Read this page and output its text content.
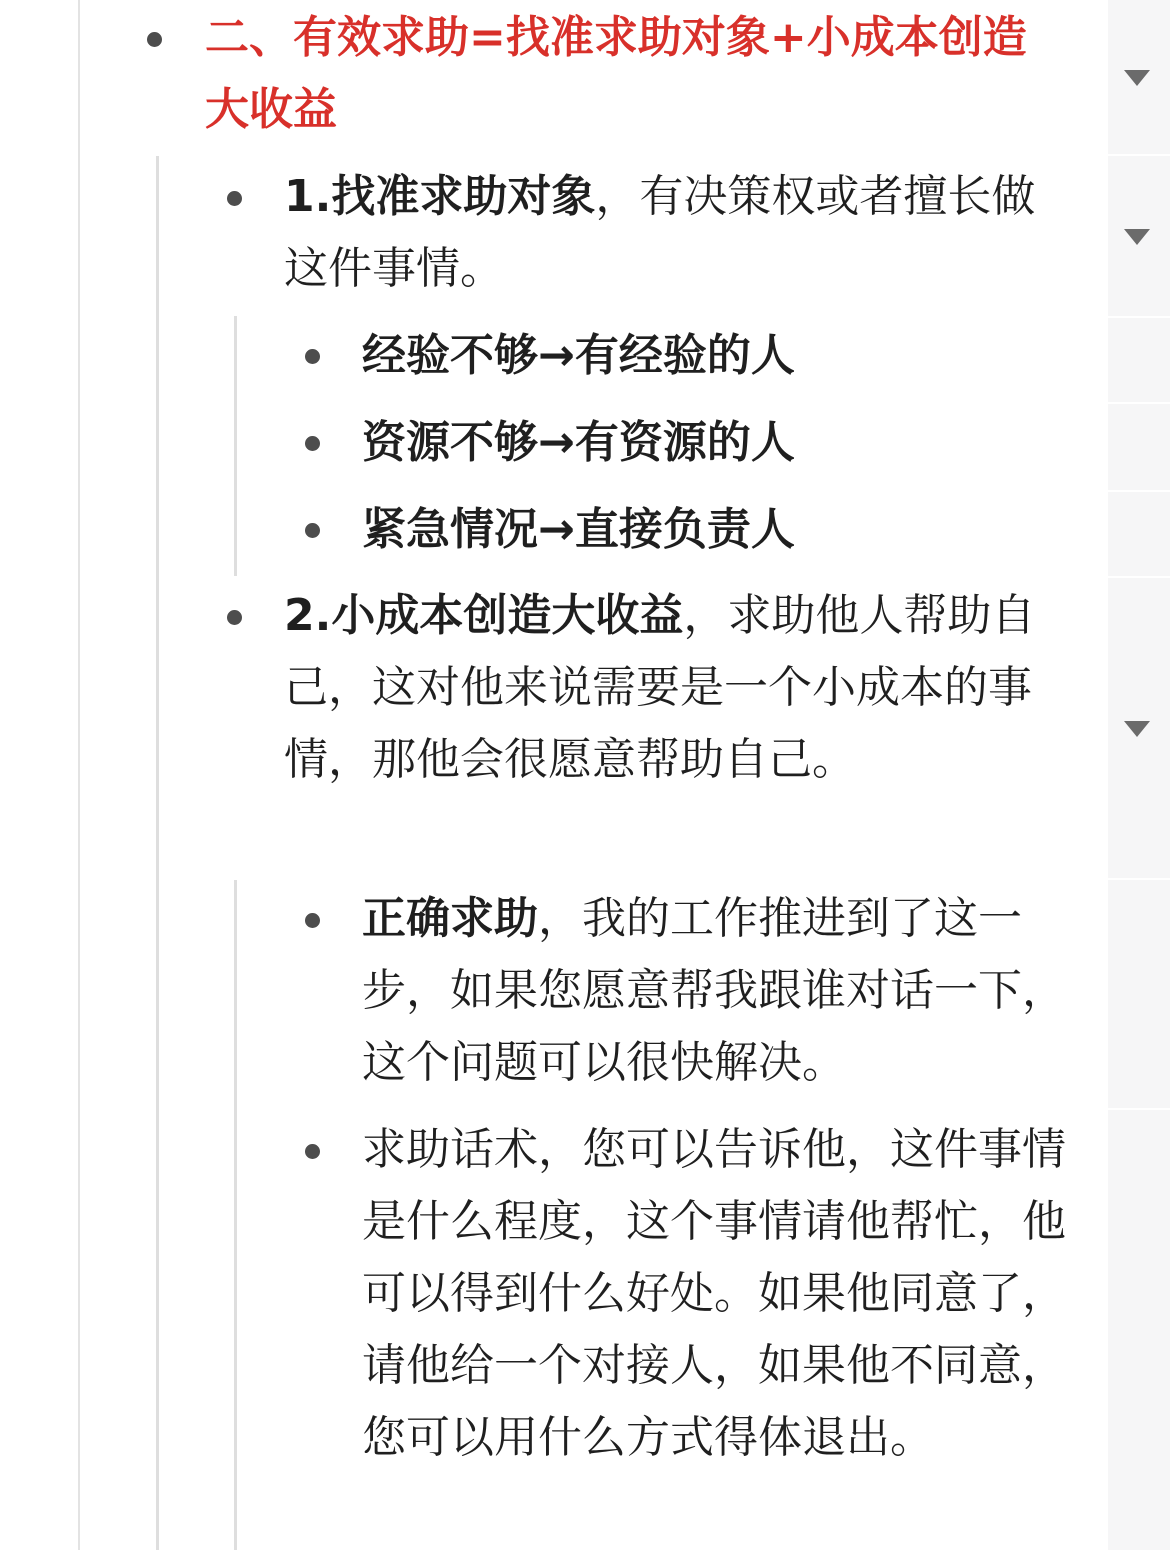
二、有效求助=找准求助对象+小成本创造大收益
1.找准求助对象，有决策权或者擅长做这件事情。
经验不够→有经验的人
资源不够→有资源的人
紧急情况→直接负责人
2.小成本创造大收益，求助他人帮助自己，这对他来说需要是一个小成本的事情，那他会很愿意帮助自己。
正确求助，我的工作推进到了这一步，如果您愿意帮我跟谁对话一下，这个问题可以很快解决。
求助话术，您可以告诉他，这件事情是什么程度，这个事情请他帮忙，他可以得到什么好处。如果他同意了，请他给一个对接人，如果他不同意，您可以用什么方式得体退出。
